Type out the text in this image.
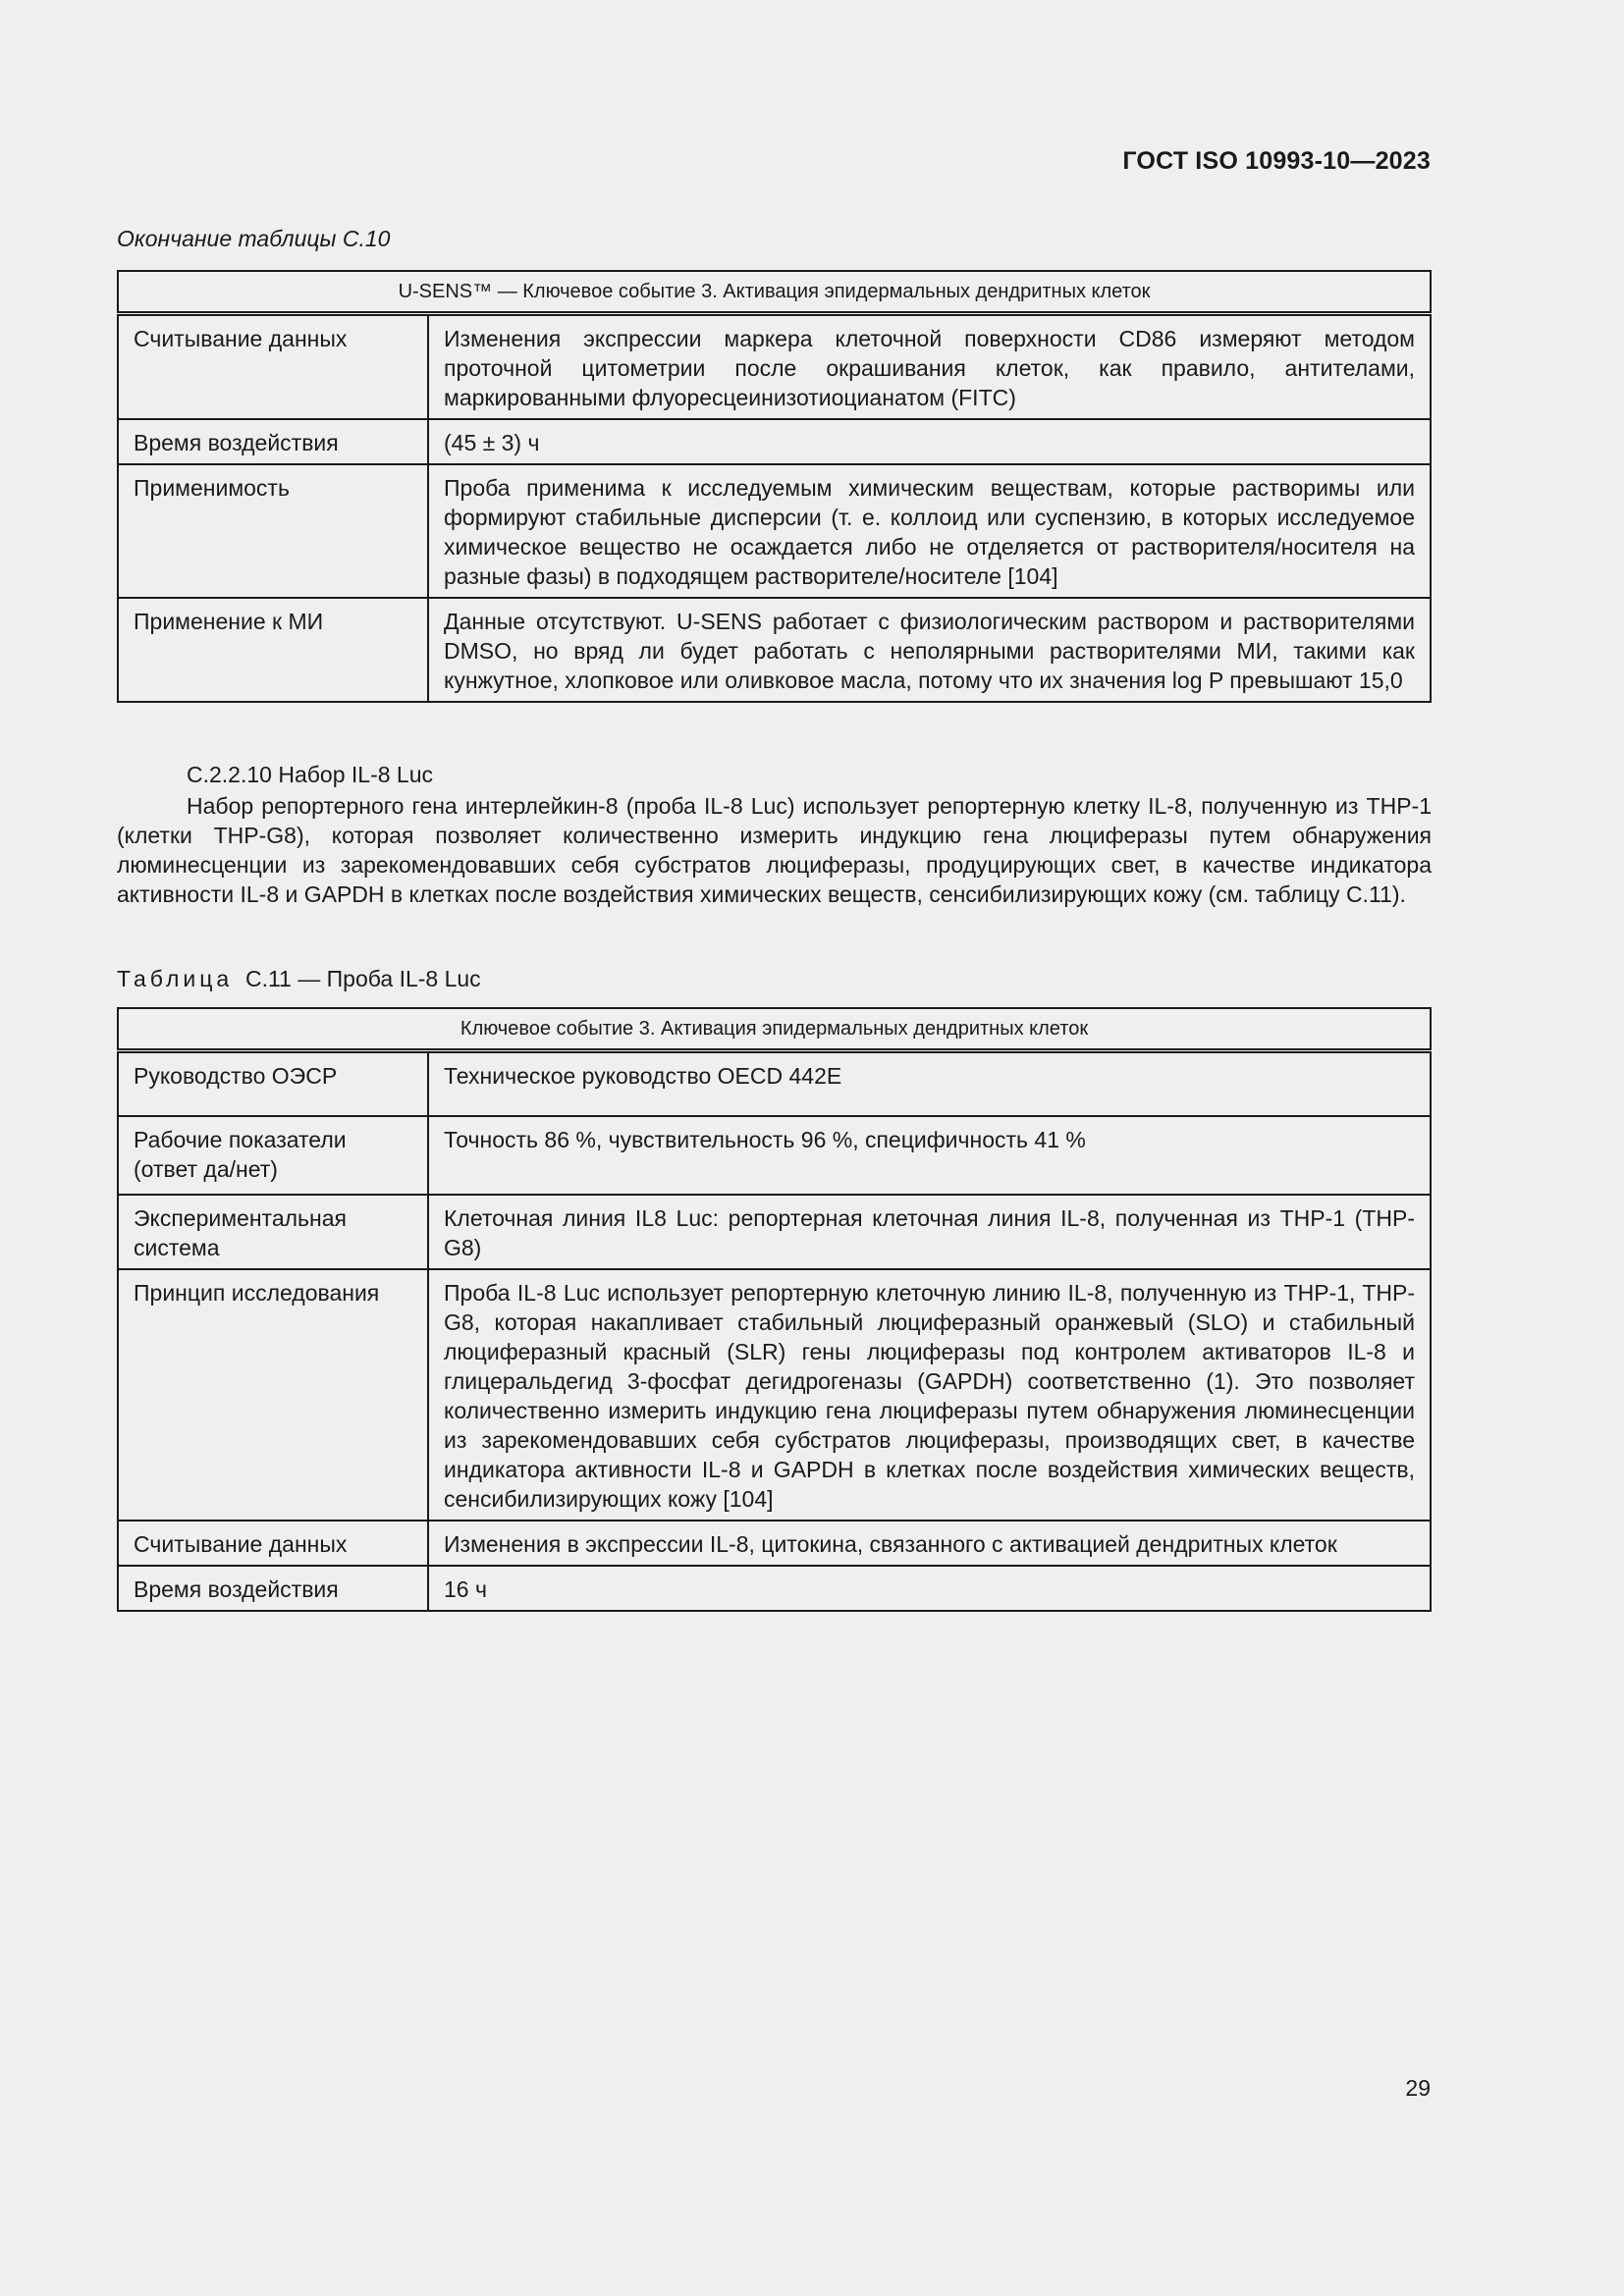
ГОСТ ISO 10993-10—2023
Окончание таблицы С.10
U-SENS™ — Ключевое событие 3. Активация эпидермальных дендритных клеток	
Считывание данных	Изменения экспрессии маркера клеточной поверхности CD86 измеряют методом проточной цитометрии после окрашивания клеток, как правило, антителами, маркированными флуоресцеинизотиоцианатом (FITC)
Время воздействия	(45 ± 3) ч
Применимость	Проба применима к исследуемым химическим веществам, которые растворимы или формируют стабильные дисперсии (т. е. коллоид или суспензию, в которых исследуемое химическое вещество не осаждается либо не отделяется от растворителя/носителя на разные фазы) в подходящем растворителе/носителе [104]
Применение к МИ	Данные отсутствуют. U-SENS работает с физиологическим раствором и растворителями DMSO, но вряд ли будет работать с неполярными растворителями МИ, такими как кунжутное, хлопковое или оливковое масла, потому что их значения log P превышают 15,0
С.2.2.10 Набор IL-8 Luc
Набор репортерного гена интерлейкин-8 (проба IL-8 Luc) использует репортерную клетку IL-8, полученную из THP-1 (клетки THP-G8), которая позволяет количественно измерить индукцию гена люциферазы путем обнаружения люминесценции из зарекомендовавших себя субстратов люциферазы, продуцирующих свет, в качестве индикатора активности IL-8 и GAPDH в клетках после воздействия химических веществ, сенсибилизирующих кожу (см. таблицу С.11).
Таблица С.11 — Проба IL-8 Luc
Ключевое событие 3. Активация эпидермальных дендритных клеток	
Руководство ОЭСР	Техническое руководство OECD 442E
Рабочие показатели (ответ да/нет)	Точность 86 %, чувствительность 96 %, специфичность 41 %
Экспериментальная система	Клеточная линия IL8 Luc: репортерная клеточная линия IL-8, полученная из THP-1 (THP-G8)
Принцип исследования	Проба IL-8 Luc использует репортерную клеточную линию IL-8, полученную из THP-1, THP-G8, которая накапливает стабильный люциферазный оранжевый (SLO) и стабильный люциферазный красный (SLR) гены люциферазы под контролем активаторов IL-8 и глицеральдегид 3-фосфат дегидрогеназы (GAPDH) соответственно (1). Это позволяет количественно измерить индукцию гена люциферазы путем обнаружения люминесценции из зарекомендовавших себя субстратов люциферазы, производящих свет, в качестве индикатора активности IL-8 и GAPDH в клетках после воздействия химических веществ, сенсибилизирующих кожу [104]
Считывание данных	Изменения в экспрессии IL-8, цитокина, связанного с активацией дендритных клеток
Время воздействия	16 ч
29
